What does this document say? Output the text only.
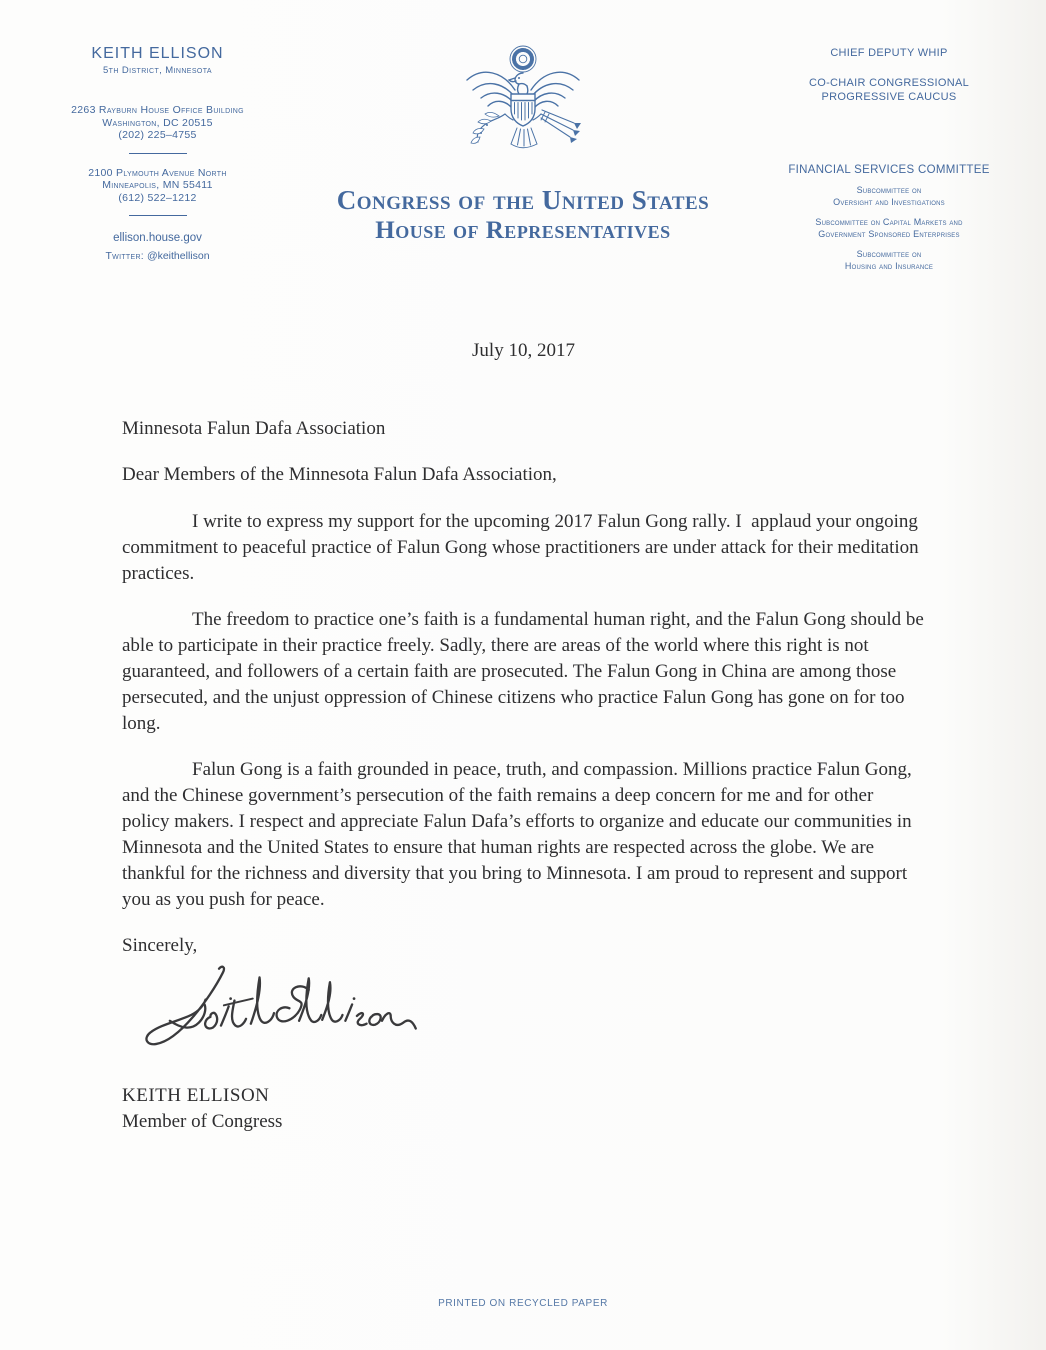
KEITH ELLISON
5th District, Minnesota
2263 Rayburn House Office Building
Washington, DC 20515
(202) 225–4755
2100 Plymouth Avenue North
Minneapolis, MN 55411
(612) 522–1212
ellison.house.gov
Twitter: @keithellison
Congress of the United States
House of Representatives
CHIEF DEPUTY WHIP
CO-CHAIR CONGRESSIONAL
PROGRESSIVE CAUCUS
FINANCIAL SERVICES COMMITTEE
Subcommittee on
Oversight and Investigations
Subcommittee on Capital Markets and
Government Sponsored Enterprises
Subcommittee on
Housing and Insurance
July 10, 2017
Minnesota Falun Dafa Association
Dear Members of the Minnesota Falun Dafa Association,

I write to express my support for the upcoming 2017 Falun Gong rally. I  applaud your ongoing commitment to peaceful practice of Falun Gong whose practitioners are under attack for their meditation practices.

The freedom to practice one’s faith is a fundamental human right, and the Falun Gong should be able to participate in their practice freely. Sadly, there are areas of the world where this right is not guaranteed, and followers of a certain faith are prosecuted. The Falun Gong in China are among those persecuted, and the unjust oppression of Chinese citizens who practice Falun Gong has gone on for too long.

Falun Gong is a faith grounded in peace, truth, and compassion. Millions practice Falun Gong, and the Chinese government’s persecution of the faith remains a deep concern for me and for other policy makers. I respect and appreciate Falun Dafa’s efforts to organize and educate our communities in Minnesota and the United States to ensure that human rights are respected across the globe. We are thankful for the richness and diversity that you bring to Minnesota. I am proud to represent and support you as you push for peace.

Sincerely,
KEITH ELLISON
Member of Congress
PRINTED ON RECYCLED PAPER
